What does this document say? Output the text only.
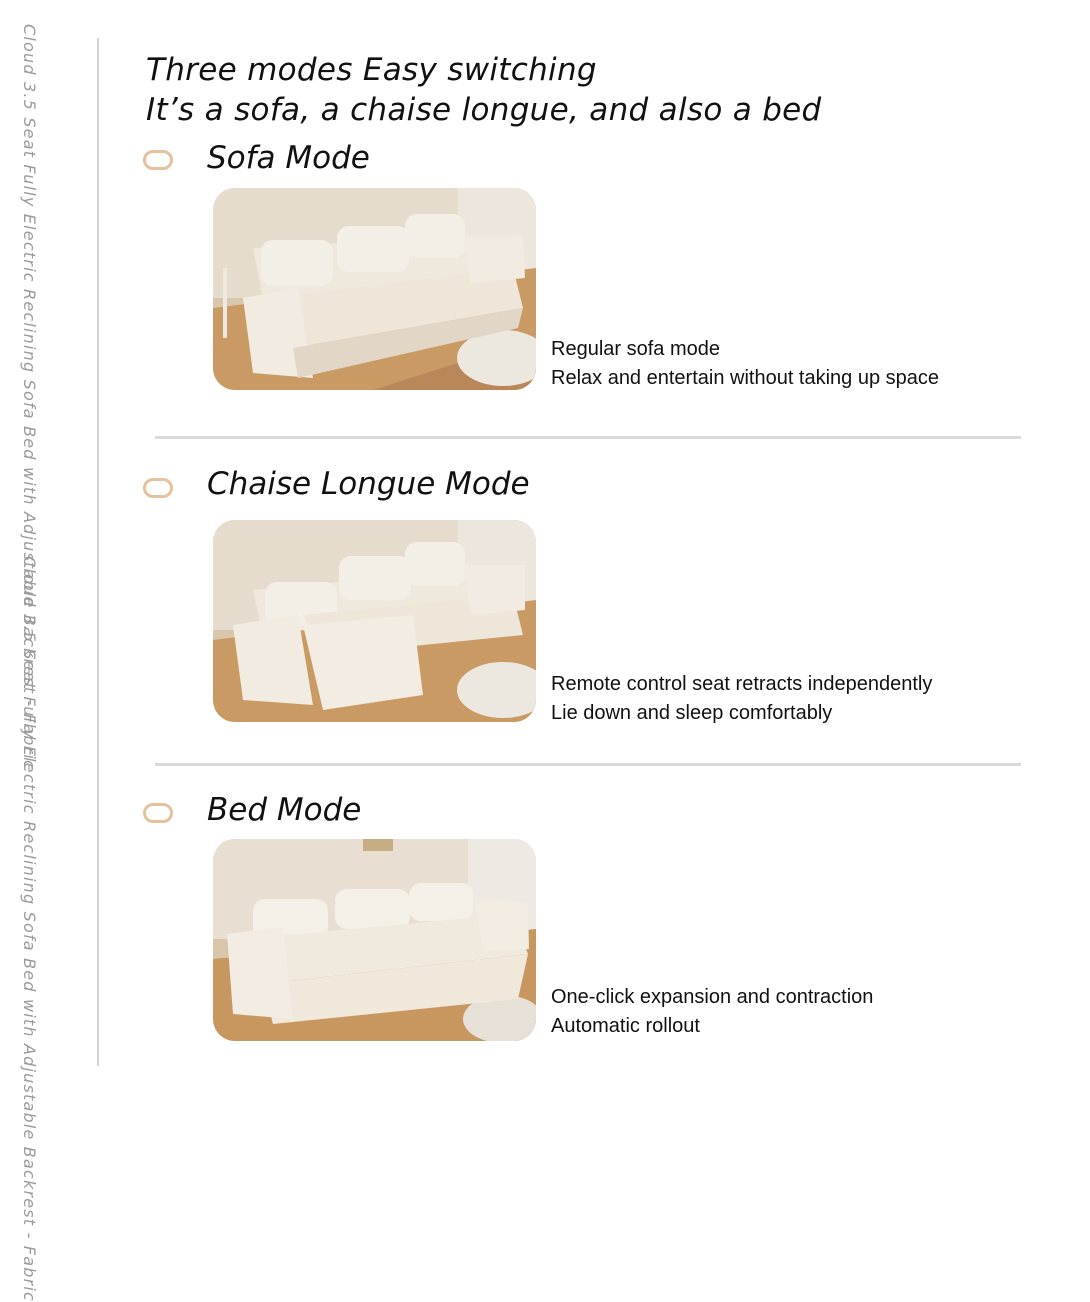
Cloud 3.5 Seat Fully Electric Reclining Sofa Bed with Adjustable Backrest - Fabric
Cloud 3.5 Seat Fully Electric Reclining Sofa Bed with Adjustable Backrest - Fabric
Three modes Easy switching
It’s a sofa, a chaise longue, and also a bed
Sofa Mode
Regular sofa mode
Relax and entertain without taking up space
Chaise Longue Mode
Remote control seat retracts independently
Lie down and sleep comfortably
Bed Mode
One-click expansion and contraction
Automatic rollout
